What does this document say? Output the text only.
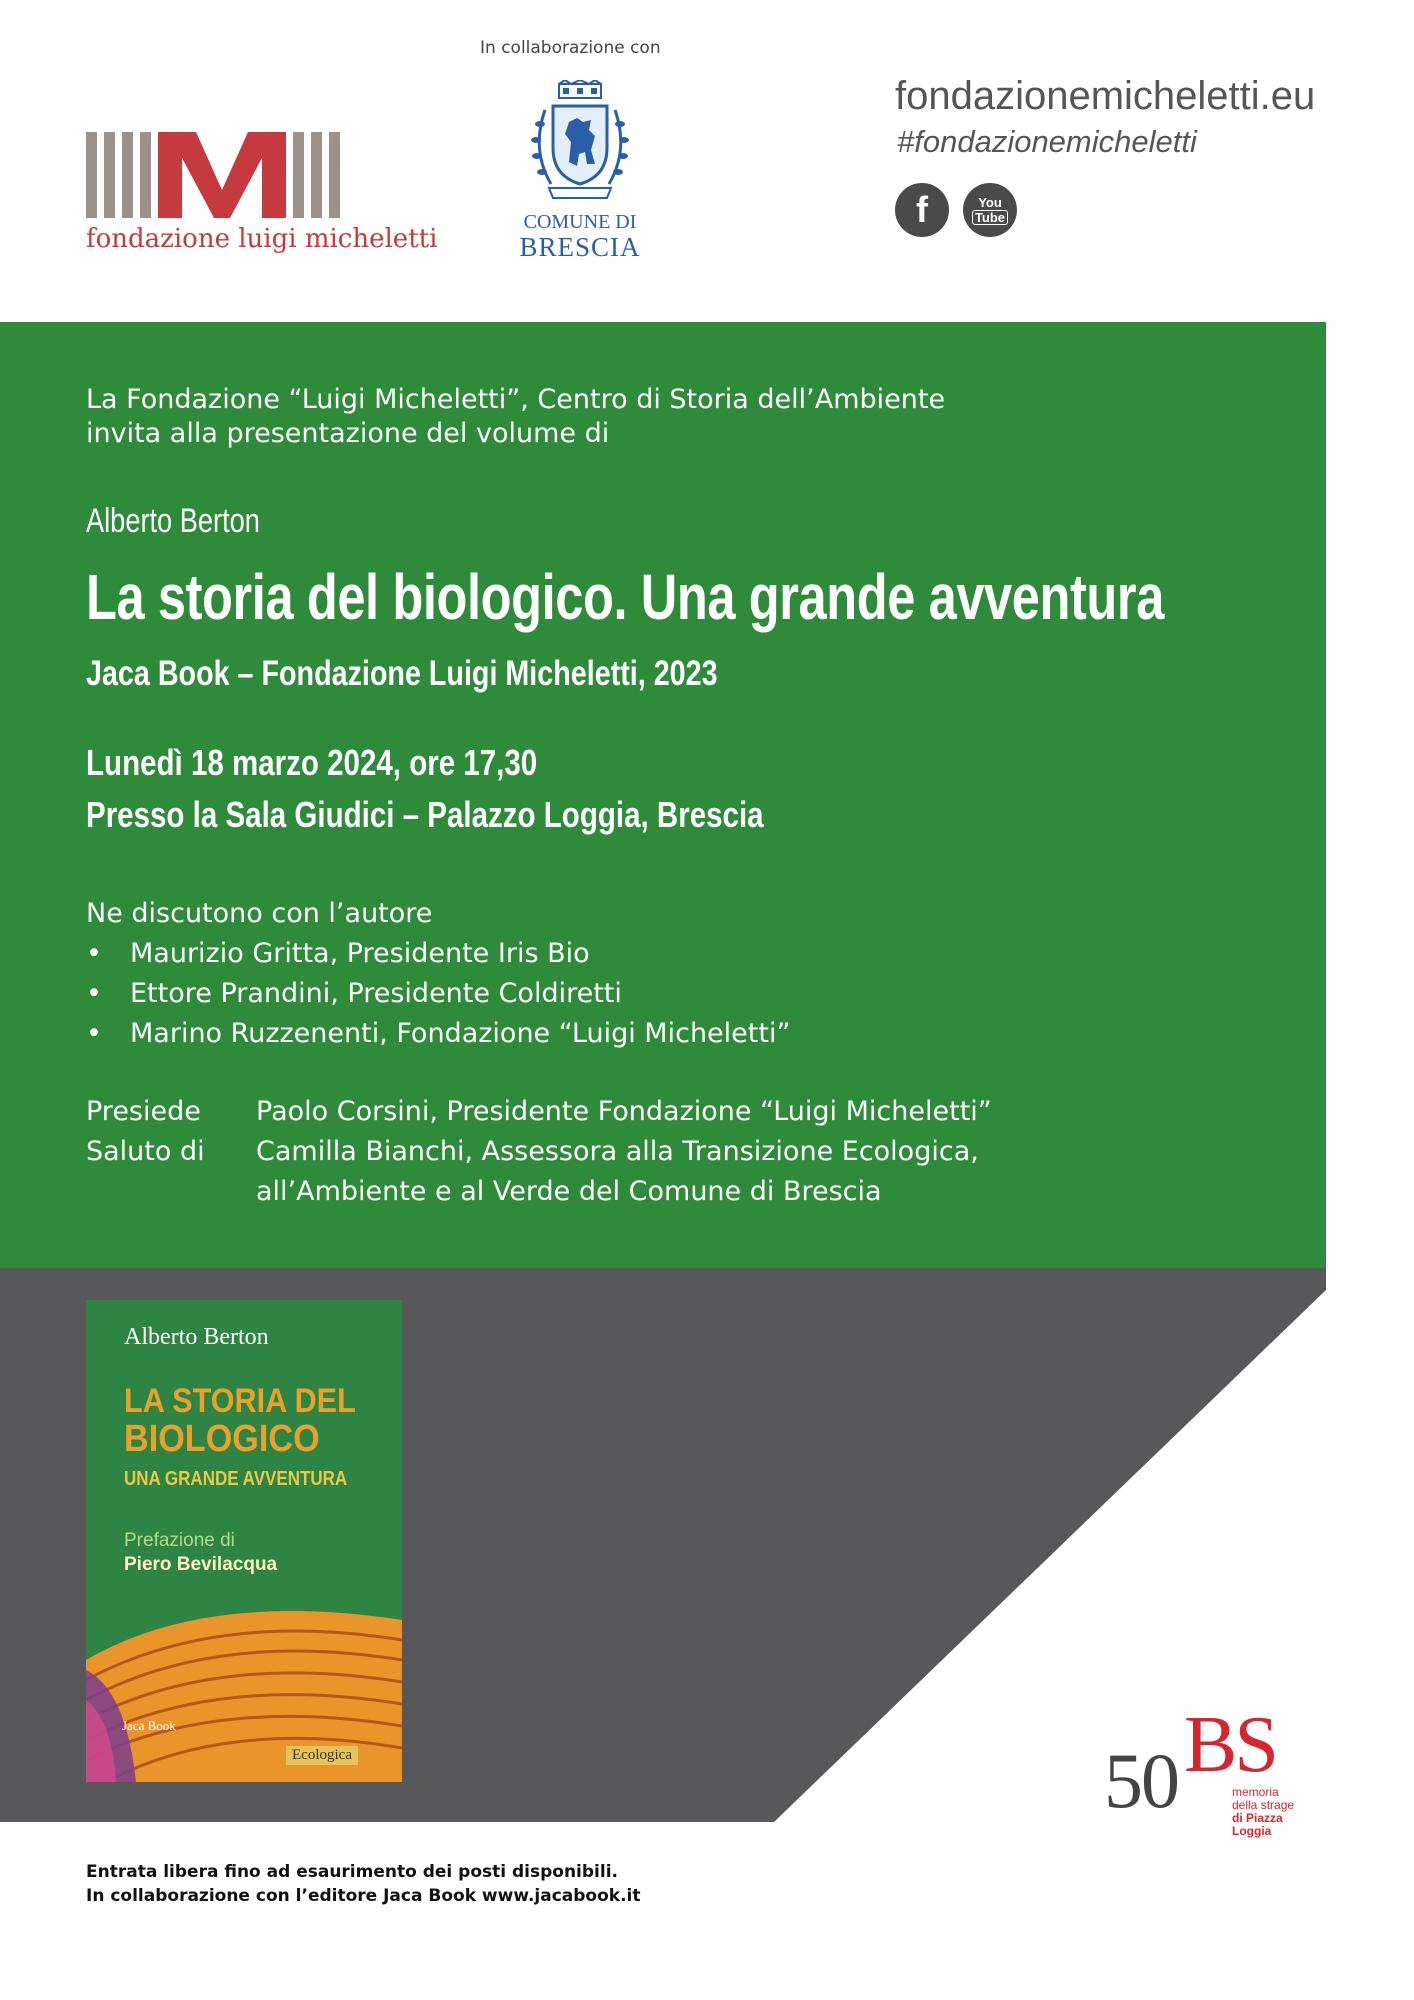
In collaborazione con
fondazione luigi micheletti
COMUNE DI
BRESCIA
fondazionemicheletti.eu
#fondazionemicheletti
f	You
Tube
La Fondazione “Luigi Micheletti”, Centro di Storia dell’Ambiente
invita alla presentazione del volume di
Alberto Berton
La storia del biologico. Una grande avventura
Jaca Book – Fondazione Luigi Micheletti, 2023
Lunedì 18 marzo 2024, ore 17,30
Presso la Sala Giudici – Palazzo Loggia, Brescia
Ne discutono con l’autore
• Maurizio Gritta, Presidente Iris Bio
• Ettore Prandini, Presidente Coldiretti
• Marino Ruzzenenti, Fondazione “Luigi Micheletti”
Presiede
Saluto di
Paolo Corsini, Presidente Fondazione “Luigi Micheletti”
Camilla Bianchi, Assessora alla Transizione Ecologica,
all’Ambiente e al Verde del Comune di Brescia
Alberto Berton
LA STORIA DEL
BIOLOGICO
UNA GRANDE AVVENTURA
Prefazione di
Piero Bevilacqua
Jaca Book
Ecologica	50 BS
memoria
della strage
di Piazza Loggia
Entrata libera fino ad esaurimento dei posti disponibili.
In collaborazione con l’editore Jaca Book www.jacabook.it
